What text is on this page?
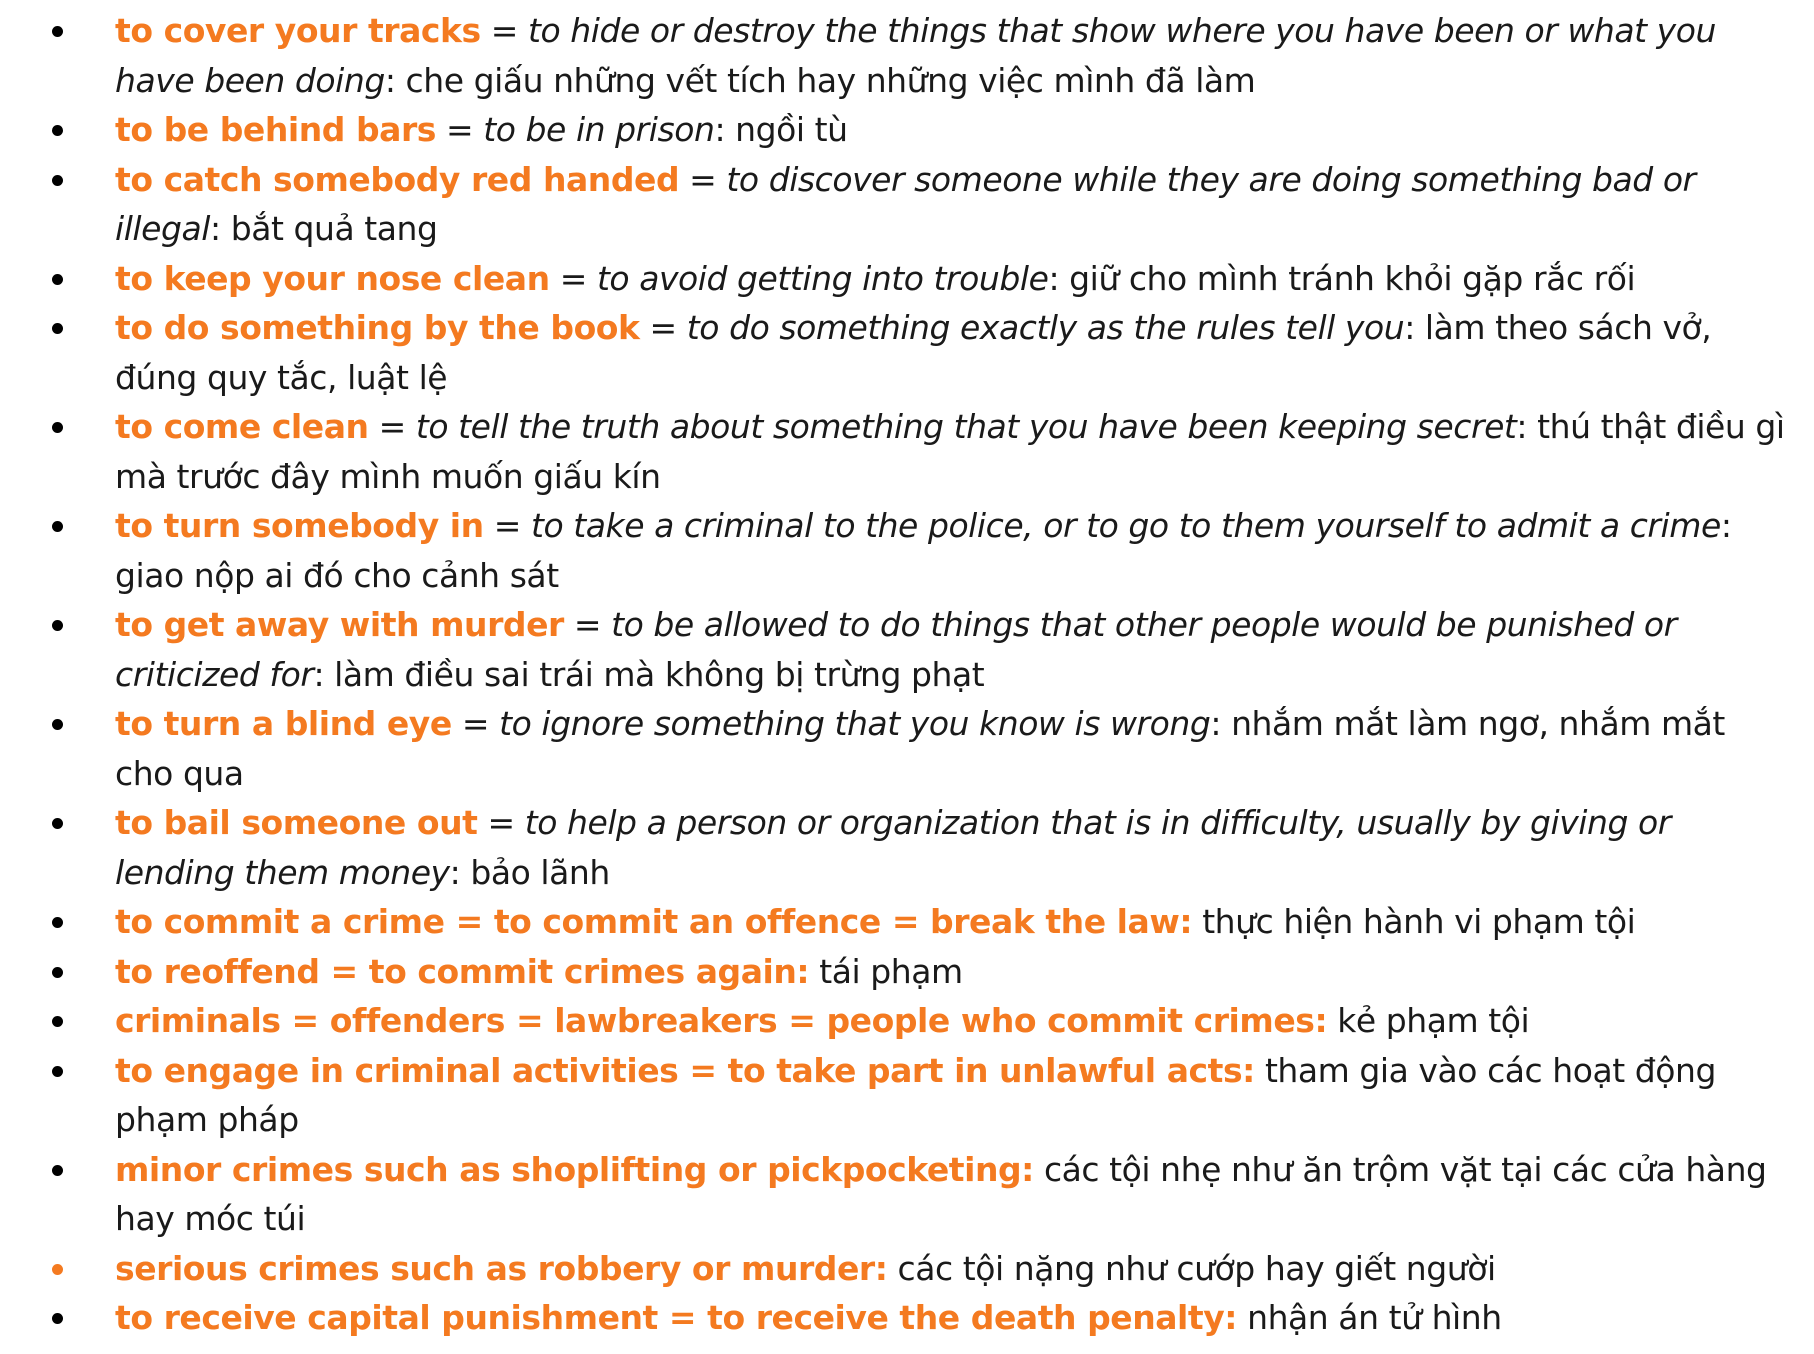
to cover your tracks = to hide or destroy the things that show where you have been or what you have been doing: che giấu những vết tích hay những việc mình đã làm
to be behind bars = to be in prison: ngồi tù
to catch somebody red handed = to discover someone while they are doing something bad or illegal: bắt quả tang
to keep your nose clean = to avoid getting into trouble: giữ cho mình tránh khỏi gặp rắc rối
to do something by the book = to do something exactly as the rules tell you: làm theo sách vở, đúng quy tắc, luật lệ
to come clean = to tell the truth about something that you have been keeping secret: thú thật điều gì mà trước đây mình muốn giấu kín
to turn somebody in = to take a criminal to the police, or to go to them yourself to admit a crime: giao nộp ai đó cho cảnh sát
to get away with murder = to be allowed to do things that other people would be punished or criticized for: làm điều sai trái mà không bị trừng phạt
to turn a blind eye = to ignore something that you know is wrong: nhắm mắt làm ngơ, nhắm mắt cho qua
to bail someone out = to help a person or organization that is in difficulty, usually by giving or lending them money: bảo lãnh
to commit a crime = to commit an offence = break the law: thực hiện hành vi phạm tội
to reoffend = to commit crimes again: tái phạm
criminals = offenders = lawbreakers = people who commit crimes: kẻ phạm tội
to engage in criminal activities = to take part in unlawful acts: tham gia vào các hoạt động phạm pháp
minor crimes such as shoplifting or pickpocketing: các tội nhẹ như ăn trộm vặt tại các cửa hàng hay móc túi
serious crimes such as robbery or murder: các tội nặng như cướp hay giết người
to receive capital punishment = to receive the death penalty: nhận án tử hình
